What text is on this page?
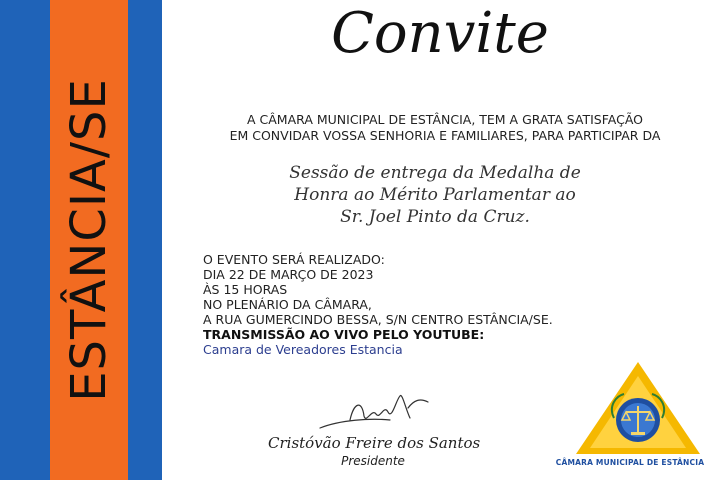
ESTÂNCIA/SE
Convite
A CÂMARA MUNICIPAL DE ESTÂNCIA, TEM A GRATA SATISFAÇÃO
EM CONVIDAR VOSSA SENHORIA E FAMILIARES, PARA PARTICIPAR DA
Sessão de entrega da Medalha de
Honra ao Mérito Parlamentar ao
Sr. Joel Pinto da Cruz.
O EVENTO SERÁ REALIZADO:
DIA 22 DE MARÇO DE 2023
ÀS 15 HORAS
NO PLENÁRIO DA CÂMARA,
A RUA GUMERCINDO BESSA, S/N CENTRO ESTÂNCIA/SE.
TRANSMISSÃO AO VIVO PELO YOUTUBE:
Camara de Vereadores Estancia
Cristóvão Freire dos Santos
Presidente	CÂMARA MUNICIPAL DE ESTÂNCIA
